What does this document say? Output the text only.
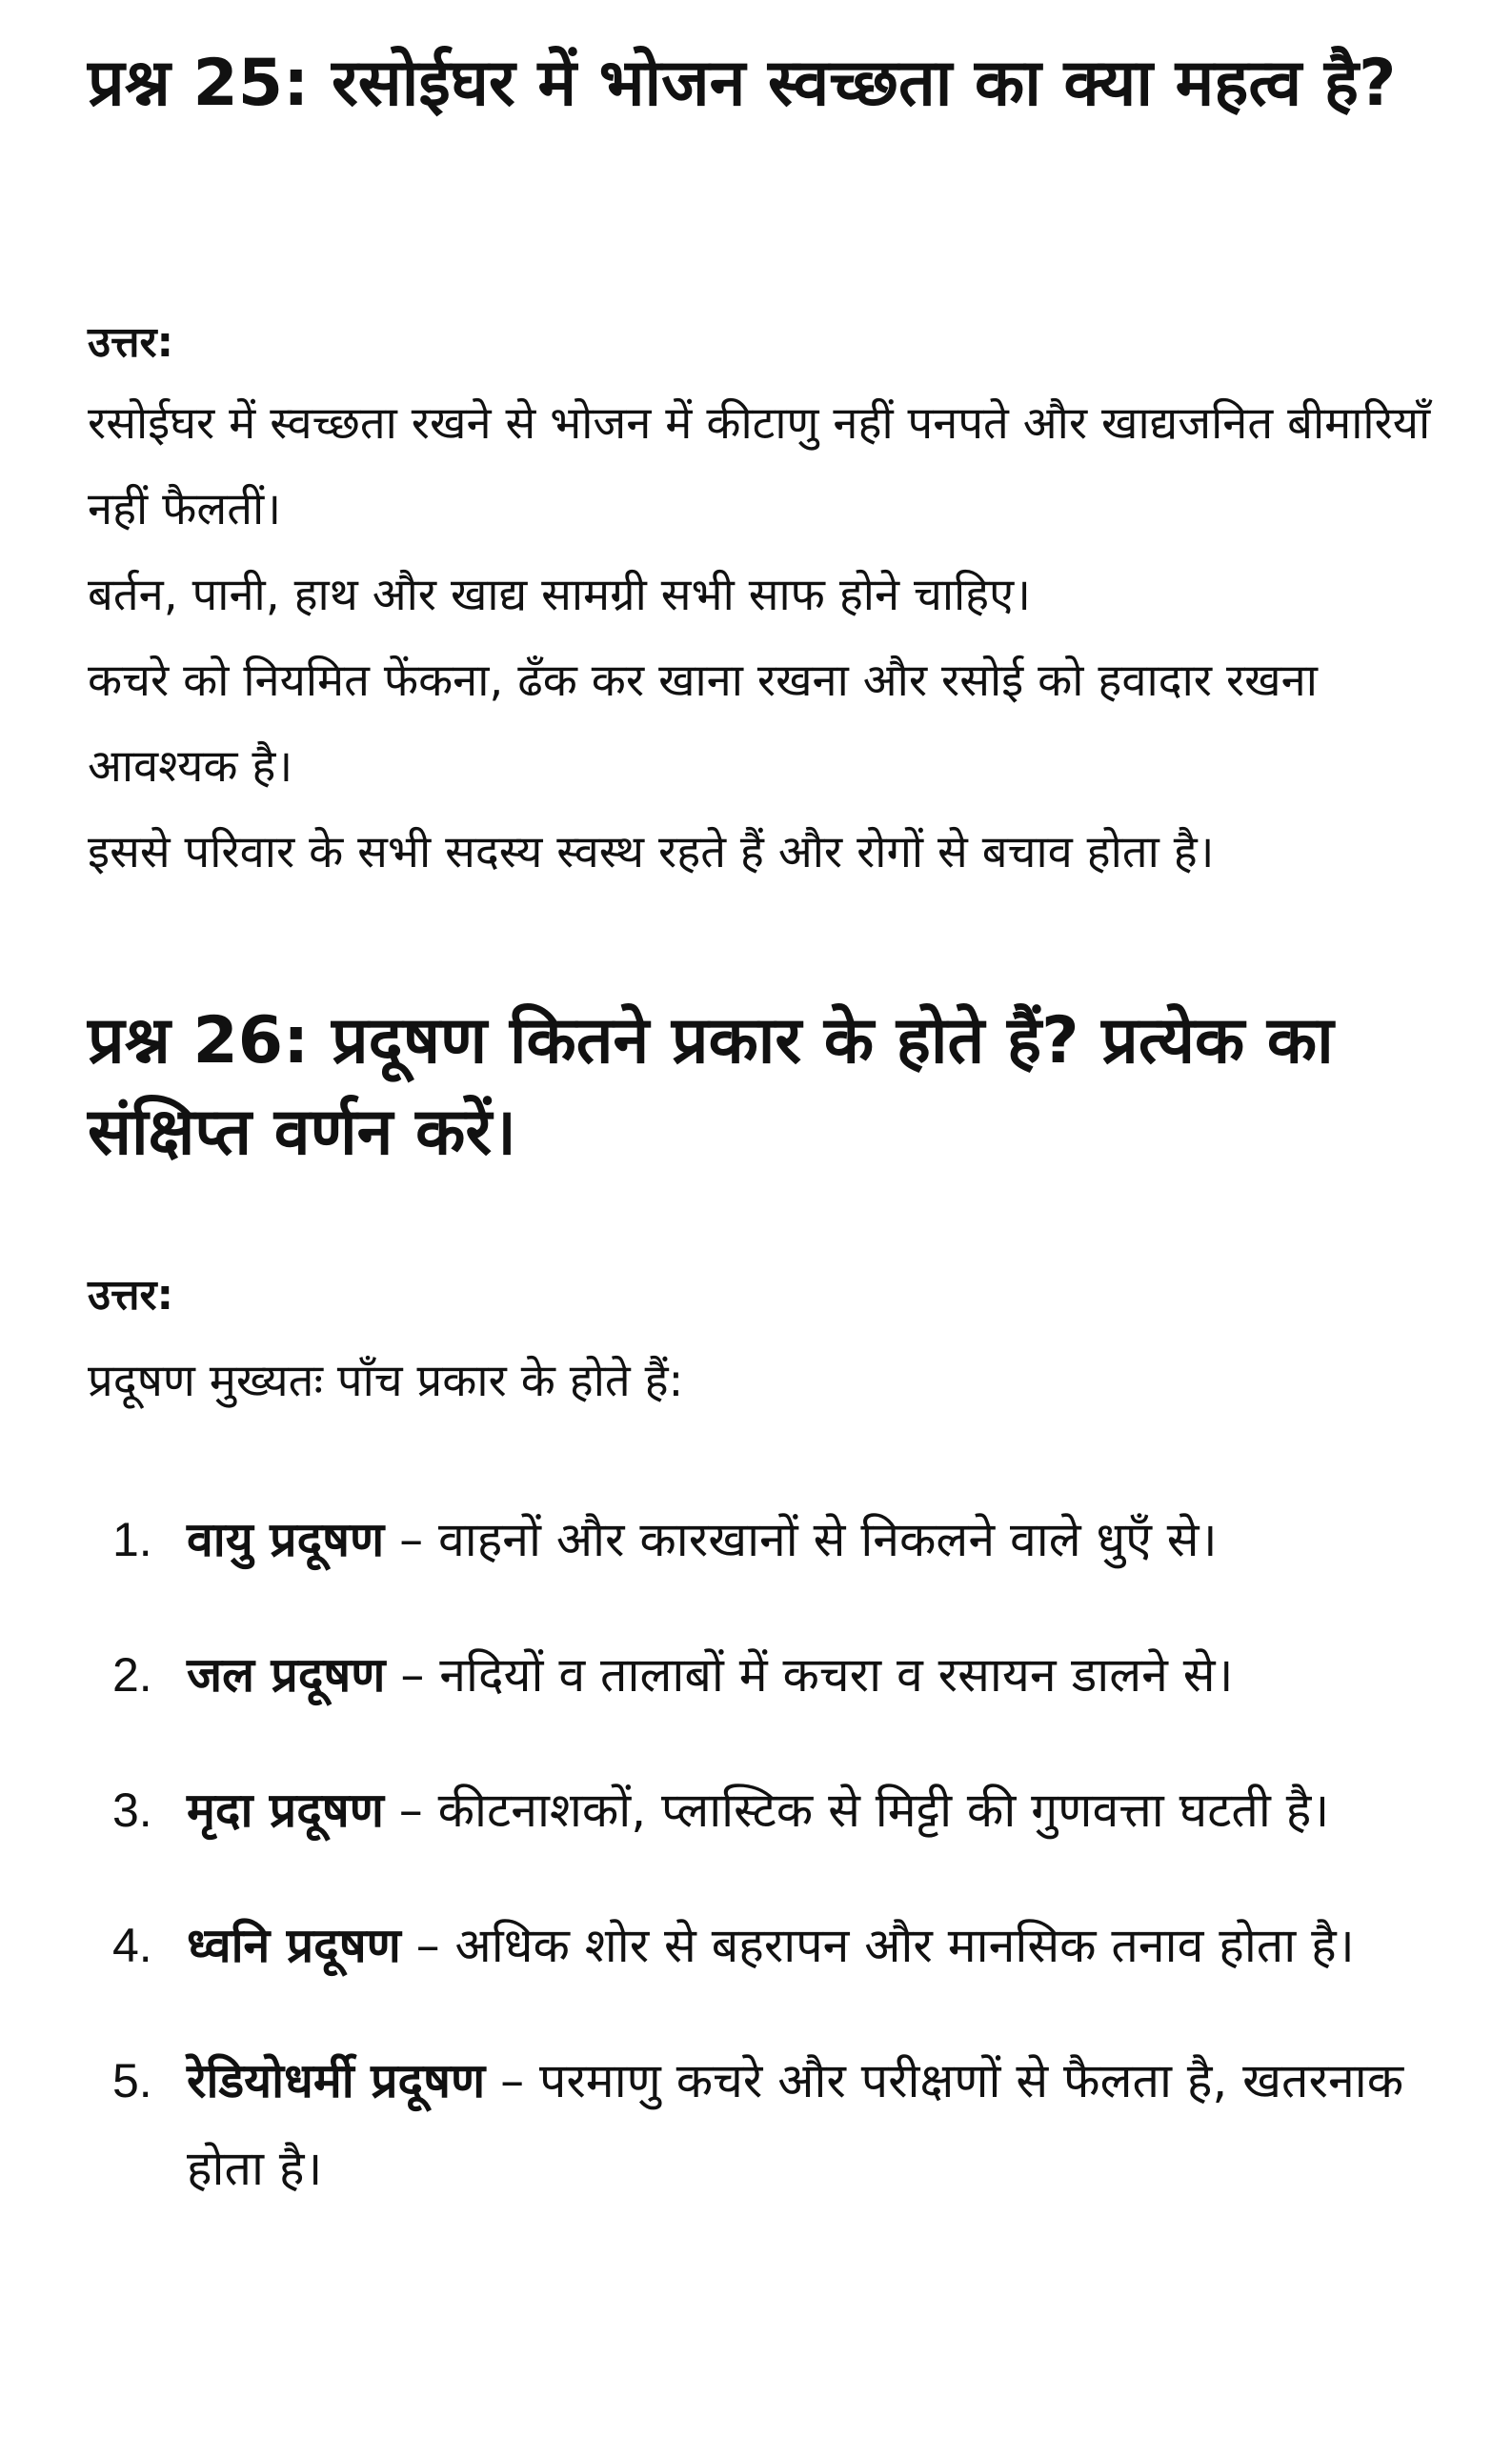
प्रश्न 25: रसोईघर में भोजन स्वच्छता का क्या महत्व है?

उत्तर:

रसोईघर में स्वच्छता रखने से भोजन में कीटाणु नहीं पनपते और खाद्यजनित बीमारियाँ नहीं फैलतीं।

बर्तन, पानी, हाथ और खाद्य सामग्री सभी साफ होने चाहिए।

कचरे को नियमित फेंकना, ढँक कर खाना रखना और रसोई को हवादार रखना आवश्यक है।

इससे परिवार के सभी सदस्य स्वस्थ रहते हैं और रोगों से बचाव होता है।

प्रश्न 26: प्रदूषण कितने प्रकार के होते हैं? प्रत्येक का संक्षिप्त वर्णन करें।

उत्तर:

प्रदूषण मुख्यतः पाँच प्रकार के होते हैं:

1. वायु प्रदूषण – वाहनों और कारखानों से निकलने वाले धुएँ से।
2. जल प्रदूषण – नदियों व तालाबों में कचरा व रसायन डालने से।
3. मृदा प्रदूषण – कीटनाशकों, प्लास्टिक से मिट्टी की गुणवत्ता घटती है।
4. ध्वनि प्रदूषण – अधिक शोर से बहरापन और मानसिक तनाव होता है।
5. रेडियोधर्मी प्रदूषण – परमाणु कचरे और परीक्षणों से फैलता है, खतरनाक होता है।
